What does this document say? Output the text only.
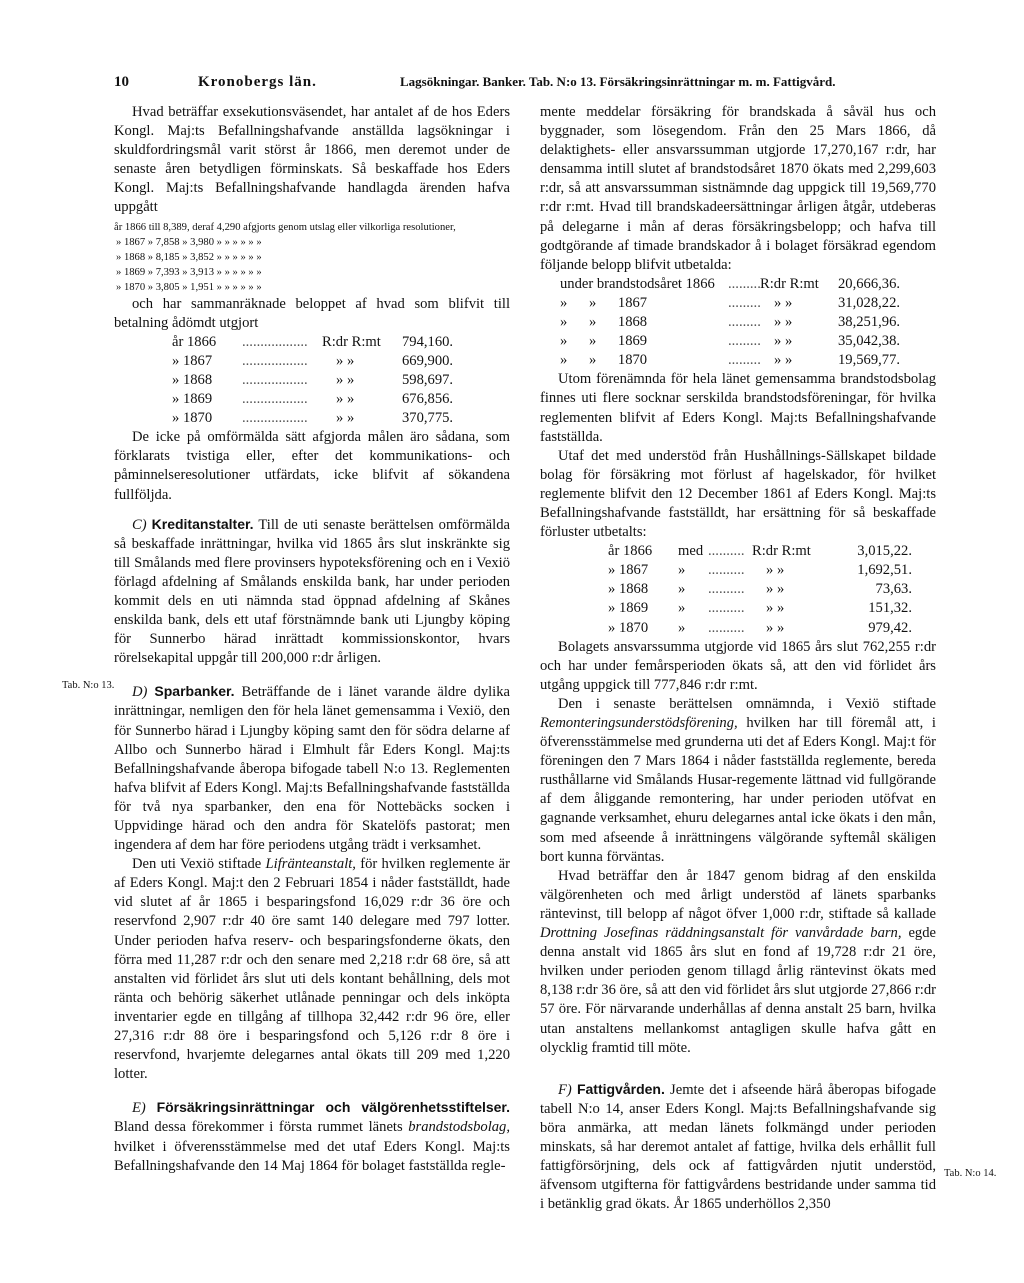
10	Kronobergs län.	Lagsökningar. Banker. Tab. N:o 13. Försäkringsinrättningar m. m. Fattigvård.

Hvad beträffar exsekutionsväsendet, har antalet af de hos Eders Kongl. Maj:ts Befallningshafvande anställda lagsökningar i skuldfordringsmål varit störst år 1866, men deremot under de senaste åren betydligen förminskats. Så beskaffade hos Eders Kongl. Maj:ts Befallningshafvande handlagda ärenden hafva uppgått

år 1866 till 8,389, deraf 4,290 afgjorts genom utslag eller vilkorliga resolutioner,
» 1867 » 7,858 » 3,980 » » » » » »
» 1868 » 8,185 » 3,852 » » » » » »
» 1869 » 7,393 » 3,913 » » » » » »
» 1870 » 3,805 » 1,951 » » » » » »

och har sammanräknade beloppet af hvad som blifvit till betalning ådömdt utgjort

år 1866	.................. R:dr R:mt	794,160.
» 1867	..................	» »	669,900.
» 1868	..................	» »	598,697.
» 1869	..................	» »	676,856.
» 1870	..................	» »	370,775.

De icke på omförmälda sätt afgjorda målen äro sådana, som förklarats tvistiga eller, efter det kommunikations- och påminnelseresolutioner utfärdats, icke blifvit af sökandena fullföljda.

C) Kreditanstalter. Till de uti senaste berättelsen omförmälda så beskaffade inrättningar, hvilka vid 1865 års slut inskränkte sig till Smålands med flere provinsers hypoteksförening och en i Vexiö förlagd afdelning af Smålands enskilda bank, har under perioden kommit dels en uti nämnda stad öppnad afdelning af Skånes enskilda bank, dels ett utaf förstnämnde bank uti Ljungby köping för Sunnerbo härad inrättadt kommissionskontor, hvars rörelsekapital uppgår till 200,000 r:dr årligen.

D) Sparbanker. Beträffande de i länet varande äldre dylika inrättningar, nemligen den för hela länet gemensamma i Vexiö, den för Sunnerbo härad i Ljungby köping samt den för södra delarne af Allbo och Sunnerbo härad i Elmhult får Eders Kongl. Maj:ts Befallningshafvande åberopa bifogade tabell N:o 13. Reglementen hafva blifvit af Eders Kongl. Maj:ts Befallningshafvande fastställda för två nya sparbanker, den ena för Nottebäcks socken i Uppvidinge härad och den andra för Skatelöfs pastorat; men ingendera af dem har före periodens utgång trädt i verksamhet.

Den uti Vexiö stiftade Lifränteanstalt, för hvilken reglemente är af Eders Kongl. Maj:t den 2 Februari 1854 i nåder fastställdt, hade vid slutet af år 1865 i besparingsfond 16,029 r:dr 36 öre och reservfond 2,907 r:dr 40 öre samt 140 delegare med 797 lotter. Under perioden hafva reserv- och besparingsfonderne ökats, den förra med 11,287 r:dr och den senare med 2,218 r:dr 68 öre, så att anstalten vid förlidet års slut uti dels kontant behållning, dels mot ränta och behörig säkerhet utlånade penningar och dels inköpta inventarier egde en tillgång af tillhopa 32,442 r:dr 96 öre, eller 27,316 r:dr 88 öre i besparingsfond och 5,126 r:dr 8 öre i reservfond, hvarjemte delegarnes antal ökats till 209 med 1,220 lotter.

E) Försäkringsinrättningar och välgörenhetsstiftelser. Bland dessa förekommer i första rummet länets brandstodsbolag, hvilket i öfverensstämmelse med det utaf Eders Kongl. Maj:ts Befallningshafvande den 14 Maj 1864 för bolaget fastställda regle-

Tab. N:o 13.

mente meddelar försäkring för brandskada å såväl hus och byggnader, som lösegendom. Från den 25 Mars 1866, då delaktighets- eller ansvarssumman utgjorde 17,270,167 r:dr, har densamma intill slutet af brandstodsåret 1870 ökats med 2,299,603 r:dr, så att ansvarssumman sistnämnde dag uppgick till 19,569,770 r:dr r:mt. Hvad till brandskadeersättningar årligen åtgår, utdeberas på delegarne i mån af deras försäkringsbelopp; och hafva till godtgörande af timade brandskador å i bolaget försäkrad egendom följande belopp blifvit utbetalda:

under brandstodsåret 1866 ......... R:dr R:mt	20,666,36.
» » 1867	......... » »	31,028,22.
» » 1868	......... » »	38,251,96.
» » 1869	......... » »	35,042,38.
» » 1870	......... » »	19,569,77.

Utom förenämnda för hela länet gemensamma brandstodsbolag finnes uti flere socknar serskilda brandstodsföreningar, för hvilka reglementen blifvit af Eders Kongl. Maj:ts Befallningshafvande fastställda.

Utaf det med understöd från Hushållnings-Sällskapet bildade bolag för försäkring mot förlust af hagelskador, för hvilket reglemente blifvit den 12 December 1861 af Eders Kongl. Maj:ts Befallningshafvande fastställdt, har ersättning för så beskaffade förluster utbetalts:

år 1866	med .......... R:dr R:mt	3,015,22.
» 1867	»	..........	» »	1,692,51.
» 1868	»	..........	» »	73,63.
» 1869	»	..........	» »	151,32.
» 1870	»	..........	» »	979,42.

Bolagets ansvarssumma utgjorde vid 1865 års slut 762,255 r:dr och har under femårsperioden ökats så, att den vid förlidet års utgång uppgick till 777,846 r:dr r:mt.

Den i senaste berättelsen omnämnda, i Vexiö stiftade Remonteringsunderstödsförening, hvilken har till föremål att, i öfverensstämmelse med grunderna uti det af Eders Kongl. Maj:t för föreningen den 7 Mars 1864 i nåder fastställda reglemente, bereda rusthållarne vid Smålands Husar-regemente lättnad vid fullgörande af dem åliggande remontering, har under perioden utöfvat en gagnande verksamhet, ehuru delegarnes antal icke ökats i den mån, som med afseende å inrättningens välgörande syftemål skäligen bort kunna förväntas.

Hvad beträffar den år 1847 genom bidrag af den enskilda välgörenheten och med årligt understöd af länets sparbanks räntevinst, till belopp af något öfver 1,000 r:dr, stiftade så kallade Drottning Josefinas räddningsanstalt för vanvårdade barn, egde denna anstalt vid 1865 års slut en fond af 19,728 r:dr 21 öre, hvilken under perioden genom tillagd årlig räntevinst ökats med 8,138 r:dr 36 öre, så att den vid förlidet års slut utgjorde 27,866 r:dr 57 öre. För närvarande underhållas af denna anstalt 25 barn, hvilka utan anstaltens mellankomst antagligen skulle hafva gått en olycklig framtid till möte.

F) Fattigvården. Jemte det i afseende härå åberopas bifogade tabell N:o 14, anser Eders Kongl. Maj:ts Befallningshafvande sig böra anmärka, att medan länets folkmängd under perioden minskats, så har deremot antalet af fattige, hvilka dels erhållit full fattigförsörjning, dels ock af fattigvården njutit understöd, äfvensom utgifterna för fattigvårdens bestridande under samma tid i betänklig grad ökats. År 1865 underhöllos 2,350

Tab. N:o 14.
